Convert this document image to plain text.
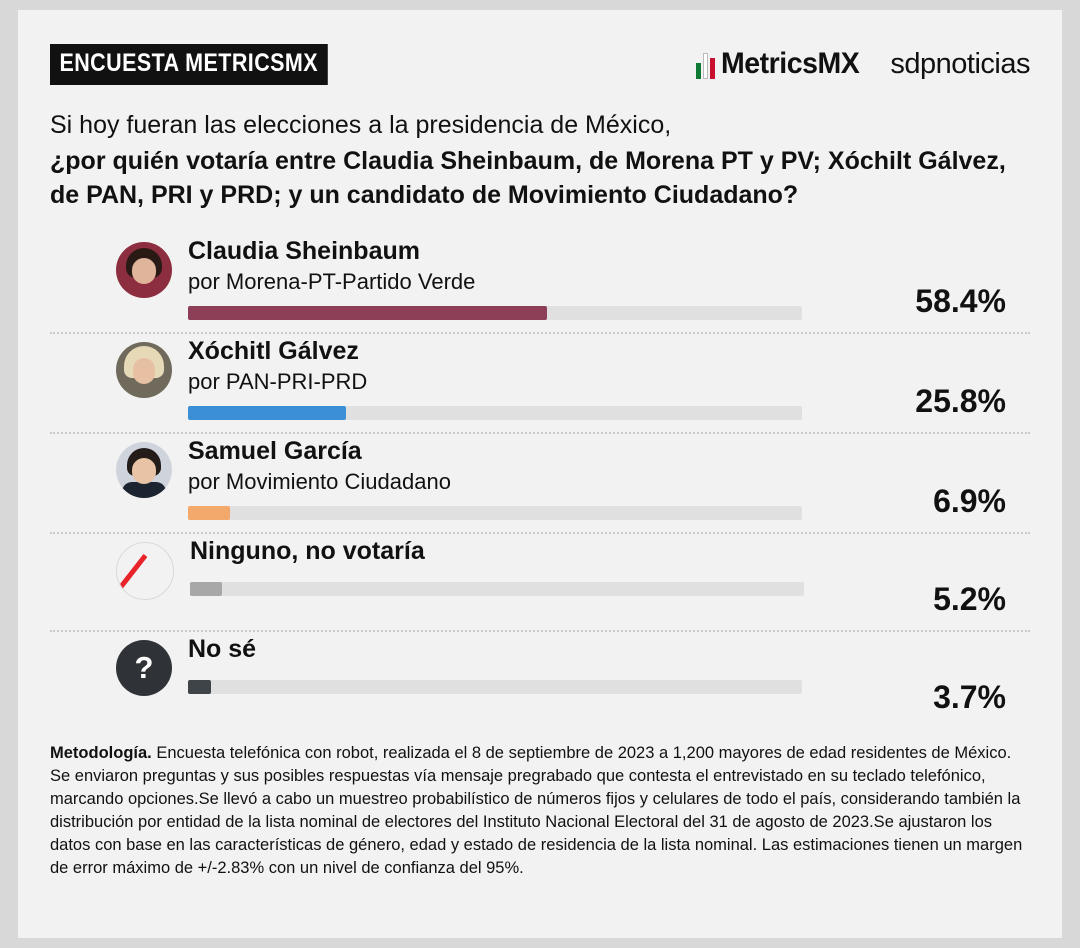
ENCUESTA METRICSMX	MetricsMX sdpnoticias
Si hoy fueran las elecciones a la presidencia de México,
¿por quién votaría entre Claudia Sheinbaum, de Morena PT y PV; Xóchilt Gálvez, de PAN, PRI y PRD; y un candidato de Movimiento Ciudadano?
Claudia Sheinbaum
por Morena-PT-Partido Verde
58.4%
Xóchitl Gálvez
por PAN-PRI-PRD
25.8%
Samuel García
por Movimiento Ciudadano
6.9%
Ninguno, no votaría
5.2%
?
No sé
3.7%
Metodología. Encuesta telefónica con robot, realizada el 8 de septiembre de 2023 a 1,200 mayores de edad residentes de México. Se enviaron preguntas y sus posibles respuestas vía mensaje pregrabado que contesta el entrevistado en su teclado telefónico, marcando opciones.Se llevó a cabo un muestreo probabilístico de números fijos y celulares de todo el país, considerando también la distribución por entidad de la lista nominal de electores del Instituto Nacional Electoral del 31 de agosto de 2023.Se ajustaron los datos con base en las características de género, edad y estado de residencia de la lista nominal. Las estimaciones tienen un margen de error máximo de +/-2.83% con un nivel de confianza del 95%.
